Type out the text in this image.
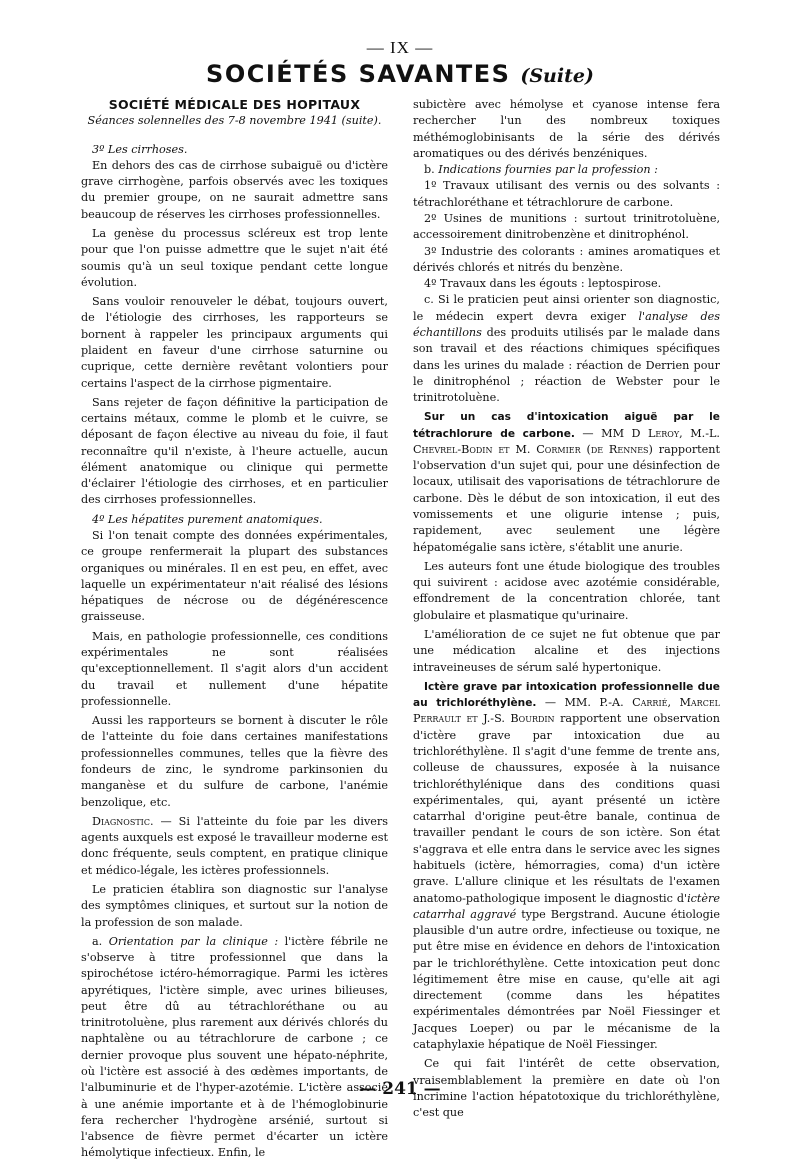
— IX —
SOCIÉTÉS SAVANTES (Suite)

SOCIÉTÉ MÉDICALE DES HOPITAUX

Séances solennelles des 7-8 novembre 1941 (suite).

3º Les cirrhoses.

En dehors des cas de cirrhose subaiguë ou d'ictère grave cirrhogène, parfois observés avec les toxiques du premier groupe, on ne saurait admettre sans beaucoup de réserves les cirrhoses professionnelles.

La genèse du processus scléreux est trop lente pour que l'on puisse admettre que le sujet n'ait été soumis qu'à un seul toxique pendant cette longue évolution.

Sans vouloir renouveler le débat, toujours ouvert, de l'étiologie des cirrhoses, les rapporteurs se bornent à rappeler les principaux arguments qui plaident en faveur d'une cirrhose saturnine ou cuprique, cette dernière revêtant volontiers pour certains l'aspect de la cirrhose pigmentaire.

Sans rejeter de façon définitive la participation de certains métaux, comme le plomb et le cuivre, se déposant de façon élective au niveau du foie, il faut reconnaître qu'il n'existe, à l'heure actuelle, aucun élément anatomique ou clinique qui permette d'éclairer l'étiologie des cirrhoses, et en particulier des cirrhoses professionnelles.

4º Les hépatites purement anatomiques.

Si l'on tenait compte des données expérimentales, ce groupe renfermerait la plupart des substances organiques ou minérales. Il en est peu, en effet, avec laquelle un expérimentateur n'ait réalisé des lésions hépatiques de nécrose ou de dégénérescence graisseuse.

Mais, en pathologie professionnelle, ces conditions expérimentales ne sont réalisées qu'exceptionnellement. Il s'agit alors d'un accident du travail et nullement d'une hépatite professionnelle.

Aussi les rapporteurs se bornent à discuter le rôle de l'atteinte du foie dans certaines manifestations professionnelles communes, telles que la fièvre des fondeurs de zinc, le syndrome parkinsonien du manganèse et du sulfure de carbone, l'anémie benzolique, etc.

Diagnostic. — Si l'atteinte du foie par les divers agents auxquels est exposé le travailleur moderne est donc fréquente, seuls comptent, en pratique clinique et médico-légale, les ictères professionnels.

Le praticien établira son diagnostic sur l'analyse des symptômes cliniques, et surtout sur la notion de la profession de son malade.

a. Orientation par la clinique : l'ictère fébrile ne s'observe à titre professionnel que dans la spirochétose ictéro-hémorragique. Parmi les ictères apyrétiques, l'ictère simple, avec urines bilieuses, peut être dû au tétrachloréthane ou au trinitrotoluène, plus rarement aux dérivés chlorés du naphtalène ou au tétrachlorure de carbone ; ce dernier provoque plus souvent une hépato-néphrite, où l'ictère est associé à des œdèmes importants, de l'albuminurie et de l'hyper-azotémie. L'ictère associé à une anémie importante et à de l'hémoglobinurie fera rechercher l'hydrogène arsénié, surtout si l'absence de fièvre permet d'écarter un ictère hémolytique infectieux. Enfin, le

subictère avec hémolyse et cyanose intense fera rechercher l'un des nombreux toxiques méthémoglobinisants de la série des dérivés aromatiques ou des dérivés benzéniques.

b. Indications fournies par la profession :

1º Travaux utilisant des vernis ou des solvants : tétrachloréthane et tétrachlorure de carbone.

2º Usines de munitions : surtout trinitrotoluène, accessoirement dinitrobenzène et dinitrophénol.

3º Industrie des colorants : amines aromatiques et dérivés chlorés et nitrés du benzène.

4º Travaux dans les égouts : leptospirose.

c. Si le praticien peut ainsi orienter son diagnostic, le médecin expert devra exiger l'analyse des échantillons des produits utilisés par le malade dans son travail et des réactions chimiques spécifiques dans les urines du malade : réaction de Derrien pour le dinitrophénol ; réaction de Webster pour le trinitrotoluène.

Sur un cas d'intoxication aiguë par le tétrachlorure de carbone. — MM D Leroy, M.-L. Chevrel-Bodin et M. Cormier (de Rennes) rapportent l'observation d'un sujet qui, pour une désinfection de locaux, utilisait des vaporisations de tétrachlorure de carbone. Dès le début de son intoxication, il eut des vomissements et une oligurie intense ; puis, rapidement, avec seulement une légère hépatomégalie sans ictère, s'établit une anurie.

Les auteurs font une étude biologique des troubles qui suivirent : acidose avec azotémie considérable, effondrement de la concentration chlorée, tant globulaire et plasmatique qu'urinaire.

L'amélioration de ce sujet ne fut obtenue que par une médication alcaline et des injections intraveineuses de sérum salé hypertonique.

Ictère grave par intoxication professionnelle due au trichloréthylène. — MM. P.-A. Carrié, Marcel Perrault et J.-S. Bourdin rapportent une observation d'ictère grave par intoxication due au trichloréthylène. Il s'agit d'une femme de trente ans, colleuse de chaussures, exposée à la nuisance trichloréthylénique dans des conditions quasi expérimentales, qui, ayant présenté un ictère catarrhal d'origine peut-être banale, continua de travailler pendant le cours de son ictère. Son état s'aggrava et elle entra dans le service avec les signes habituels (ictère, hémorragies, coma) d'un ictère grave. L'allure clinique et les résultats de l'examen anatomo-pathologique imposent le diagnostic d'ictère catarrhal aggravé type Bergstrand. Aucune étiologie plausible d'un autre ordre, infectieuse ou toxique, ne put être mise en évidence en dehors de l'intoxication par le trichloréthylène. Cette intoxication peut donc légitimement être mise en cause, qu'elle ait agi directement (comme dans les hépatites expérimentales démontrées par Noël Fiessinger et Jacques Loeper) ou par le mécanisme de la cataphylaxie hépatique de Noël Fiessinger.

Ce qui fait l'intérêt de cette observation, vraisemblablement la première en date où l'on incrimine l'action hépatotoxique du trichloréthylène, c'est que

— 241 —
